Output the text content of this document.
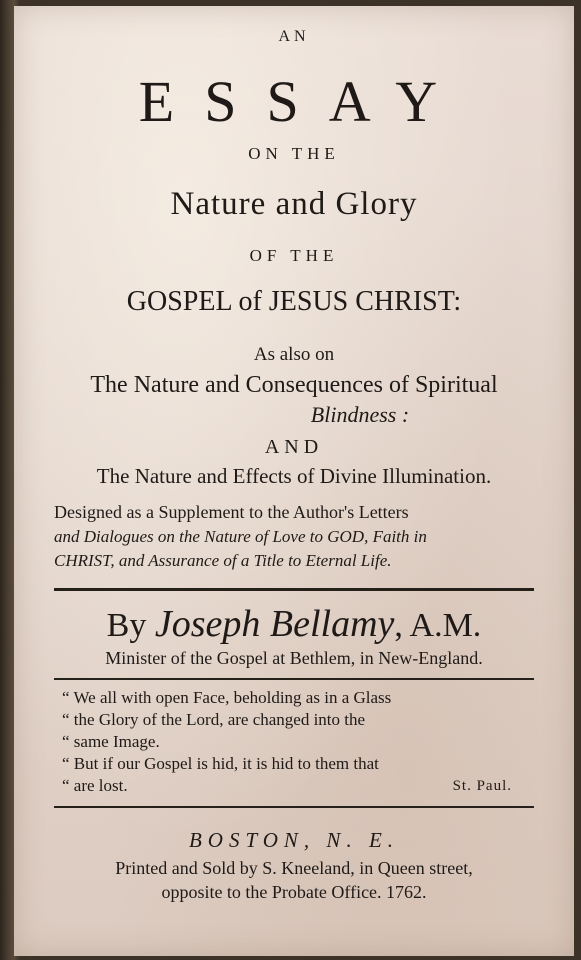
AN
ESSAY
ON THE
Nature and Glory
OF THE
GOSPEL of JESUS CHRIST:
As also on
The Nature and Consequences of Spiritual
Blindness :
AND
The Nature and Effects of Divine Illumination.
Designed as a Supplement to the Author's Letters
and Dialogues on the Nature of Love to GOD, Faith in
CHRIST, and Assurance of a Title to Eternal Life.
By Joseph Bellamy, A.M.
Minister of the Gospel at Bethlem, in New-England.
“ We all with open Face, beholding as in a Glass
“ the Glory of the Lord, are changed into the
“ same Image.
“ But if our Gospel is hid, it is hid to them that
“ are lost.	St. Paul.
BOSTON, N. E.
Printed and Sold by S. Kneeland, in Queen street,
opposite to the Probate Office. 1762.
